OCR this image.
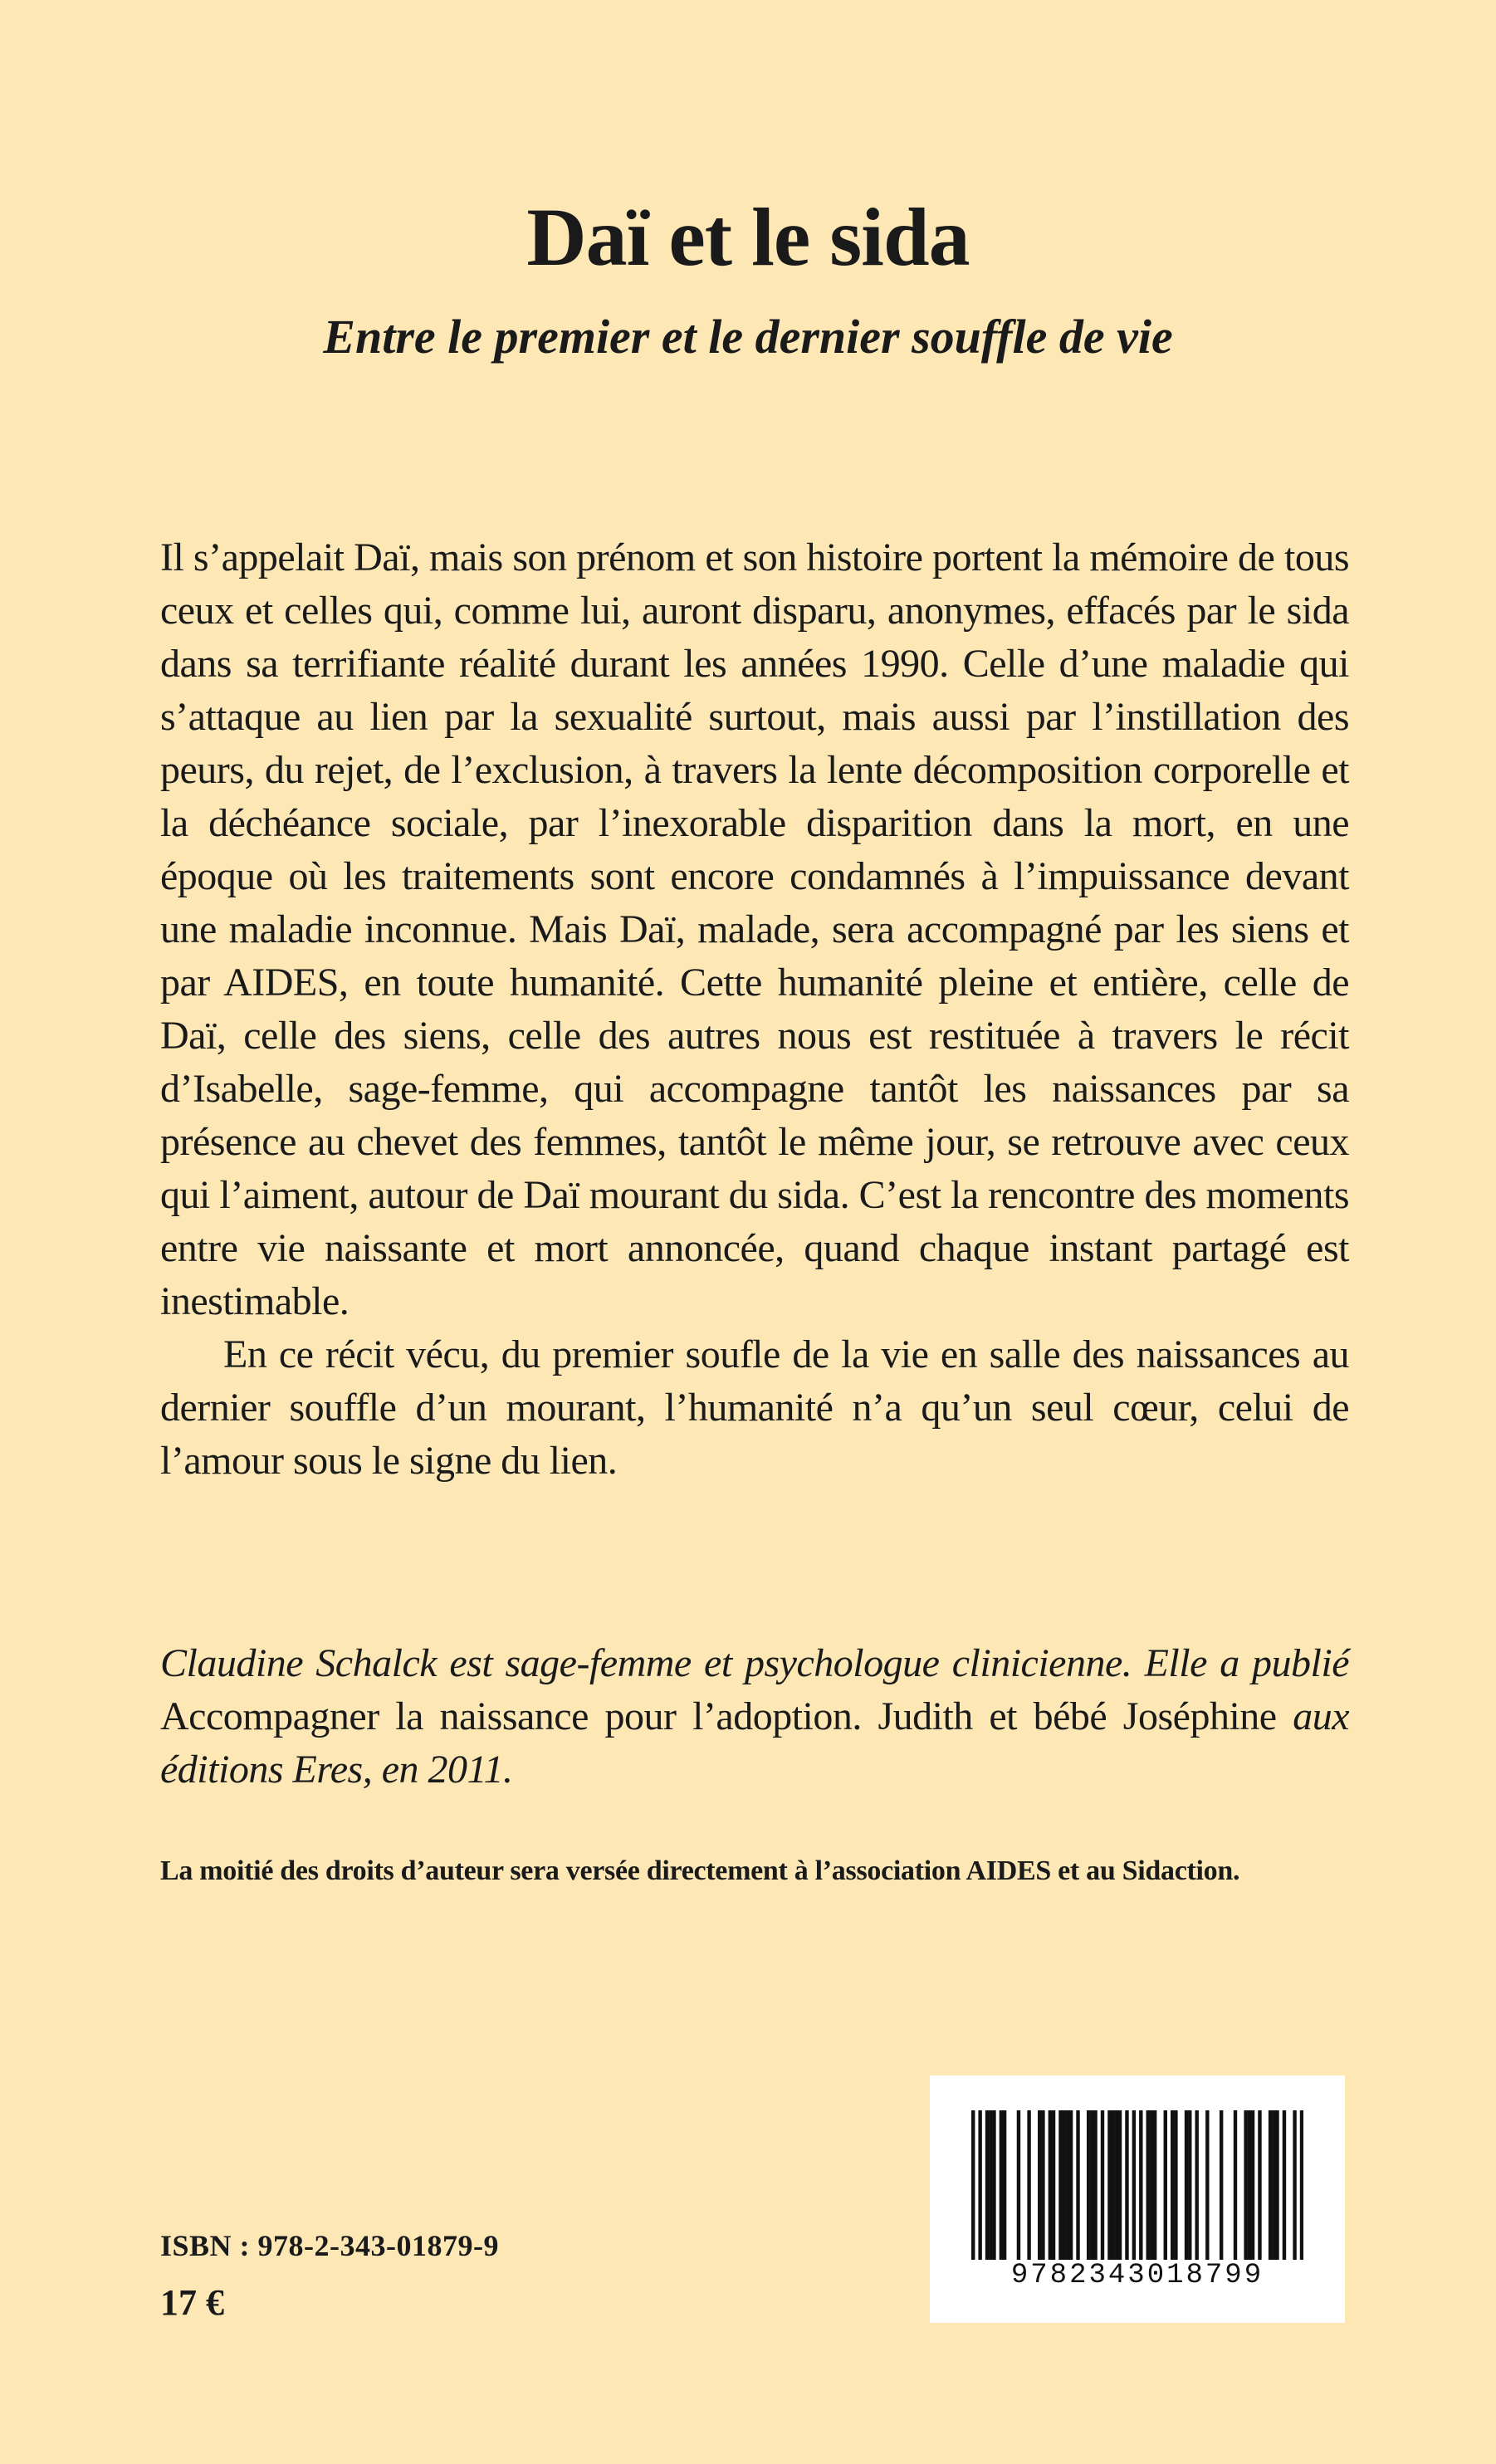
Daï et le sida
Entre le premier et le dernier souffle de vie

Il s’appelait Daï, mais son prénom et son histoire portent la mémoire de tous ceux et celles qui, comme lui, auront disparu, anonymes, effacés par le sida dans sa terrifiante réalité durant les années 1990. Celle d’une maladie qui s’attaque au lien par la sexualité surtout, mais aussi par l’instillation des peurs, du rejet, de l’exclusion, à travers la lente décomposition corporelle et la déchéance sociale, par l’inexorable disparition dans la mort, en une époque où les traitements sont encore condamnés à l’impuissance devant une maladie inconnue. Mais Daï, malade, sera accompagné par les siens et par AIDES, en toute humanité. Cette humanité pleine et entière, celle de Daï, celle des siens, celle des autres nous est restituée à travers le récit d’Isabelle, sage-femme, qui accompagne tantôt les naissances par sa présence au chevet des femmes, tantôt le même jour, se retrouve avec ceux qui l’aiment, autour de Daï mourant du sida. C’est la rencontre des moments entre vie naissante et mort annoncée, quand chaque instant partagé est inestimable.

En ce récit vécu, du premier soufle de la vie en salle des naissances au dernier souffle d’un mourant, l’humanité n’a qu’un seul cœur, celui de l’amour sous le signe du lien.

Claudine Schalck est sage-femme et psychologue clinicienne. Elle a publié Accompagner la naissance pour l’adoption. Judith et bébé Joséphine aux éditions Eres, en 2011.

La moitié des droits d’auteur sera versée directement à l’association AIDES et au Sidaction.
ISBN : 978-2-343-01879-9
17 €
9782343018799
